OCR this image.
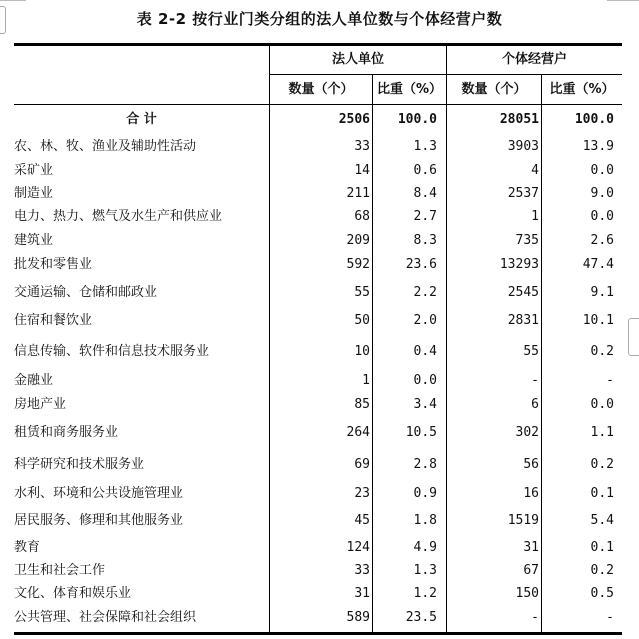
表 2-2 按行业门类分组的法人单位数与个体经营户数
法人单位	个体经营户
数量（个）	比重（%）	数量（个）	比重（%）
合 计	2506	100.0	28051	100.0
农、林、牧、渔业及辅助性活动	33	1.3	3903	13.9
采矿业	14	0.6	4	0.0
制造业	211	8.4	2537	9.0
电力、热力、燃气及水生产和供应业	68	2.7	1	0.0
建筑业	209	8.3	735	2.6
批发和零售业	592	23.6	13293	47.4
交通运输、仓储和邮政业	55	2.2	2545	9.1
住宿和餐饮业	50	2.0	2831	10.1
信息传输、软件和信息技术服务业	10	0.4	55	0.2
金融业	1	0.0	-	-
房地产业	85	3.4	6	0.0
租赁和商务服务业	264	10.5	302	1.1
科学研究和技术服务业	69	2.8	56	0.2
水利、环境和公共设施管理业	23	0.9	16	0.1
居民服务、修理和其他服务业	45	1.8	1519	5.4
教育	124	4.9	31	0.1
卫生和社会工作	33	1.3	67	0.2
文化、体育和娱乐业	31	1.2	150	0.5
公共管理、社会保障和社会组织	589	23.5	-	-
